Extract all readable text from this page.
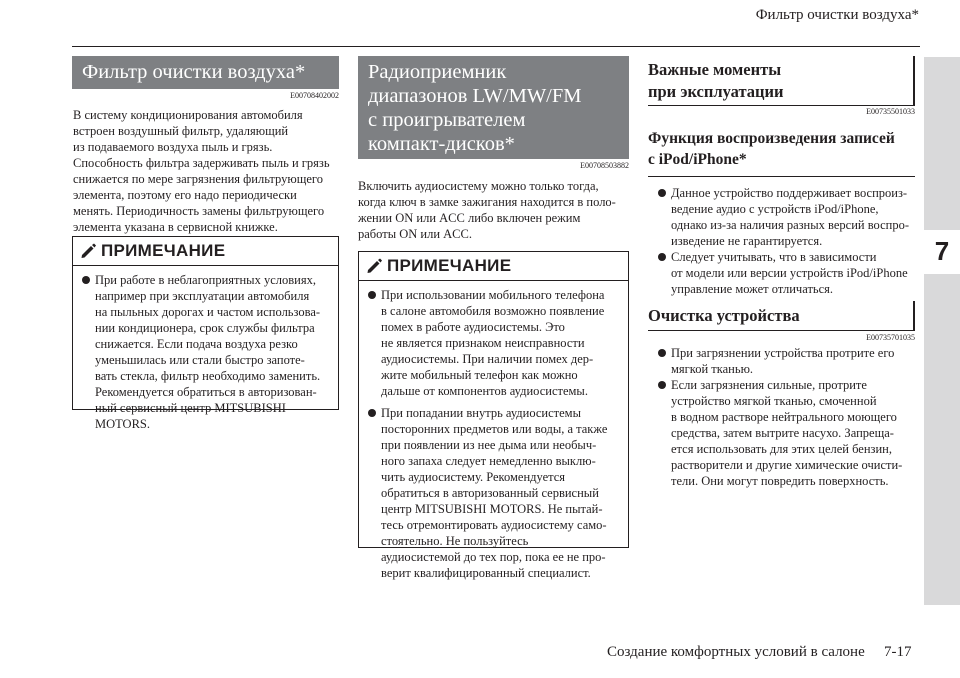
Фильтр очистки воздуха*
7
Фильтр очистки воздуха*
E00708402002
В систему кондиционирования автомобиля
встроен воздушный фильтр, удаляющий
из подаваемого воздуха пыль и грязь.
Способность фильтра задерживать пыль и грязь
снижается по мере загрязнения фильтрующего
элемента, поэтому его надо периодически
менять. Периодичность замены фильтрующего
элемента указана в сервисной книжке.
ПРИМЕЧАНИЕ
При работе в неблагоприятных условиях,
например при эксплуатации автомобиля
на пыльных дорогах и частом использова-
нии кондиционера, срок службы фильтра
снижается. Если подача воздуха резко
уменьшилась или стали быстро запоте-
вать стекла, фильтр необходимо заменить.
Рекомендуется обратиться в авторизован-
ный сервисный центр MITSUBISHI
MOTORS.
Радиоприемник
диапазонов LW/MW/FM
с проигрывателем
компакт-дисков*
E00708503882
Включить аудиосистему можно только тогда,
когда ключ в замке зажигания находится в поло-
жении ON или ACC либо включен режим
работы ON или ACC.
ПРИМЕЧАНИЕ
При использовании мобильного телефона
в салоне автомобиля возможно появление
помех в работе аудиосистемы. Это
не является признаком неисправности
аудиосистемы. При наличии помех дер-
жите мобильный телефон как можно
дальше от компонентов аудиосистемы.
При попадании внутрь аудиосистемы
посторонних предметов или воды, а также
при появлении из нее дыма или необыч-
ного запаха следует немедленно выклю-
чить аудиосистему. Рекомендуется
обратиться в авторизованный сервисный
центр MITSUBISHI MOTORS. Не пытай-
тесь отремонтировать аудиосистему само-
стоятельно. Не пользуйтесь
аудиосистемой до тех пор, пока ее не про-
верит квалифицированный специалист.
Важные моменты
при эксплуатации
E00735501033
Функция воспроизведения записей
с iPod/iPhone*
Данное устройство поддерживает воспроиз-
ведение аудио с устройств iPod/iPhone,
однако из-за наличия разных версий воспро-
изведение не гарантируется.
Следует учитывать, что в зависимости
от модели или версии устройств iPod/iPhone
управление может отличаться.
Очистка устройства
E00735701035
При загрязнении устройства протрите его
мягкой тканью.
Если загрязнения сильные, протрите
устройство мягкой тканью, смоченной
в водном растворе нейтрального моющего
средства, затем вытрите насухо. Запреща-
ется использовать для этих целей бензин,
растворители и другие химические очисти-
тели. Они могут повредить поверхность.
Создание комфортных условий в салоне 7-17
